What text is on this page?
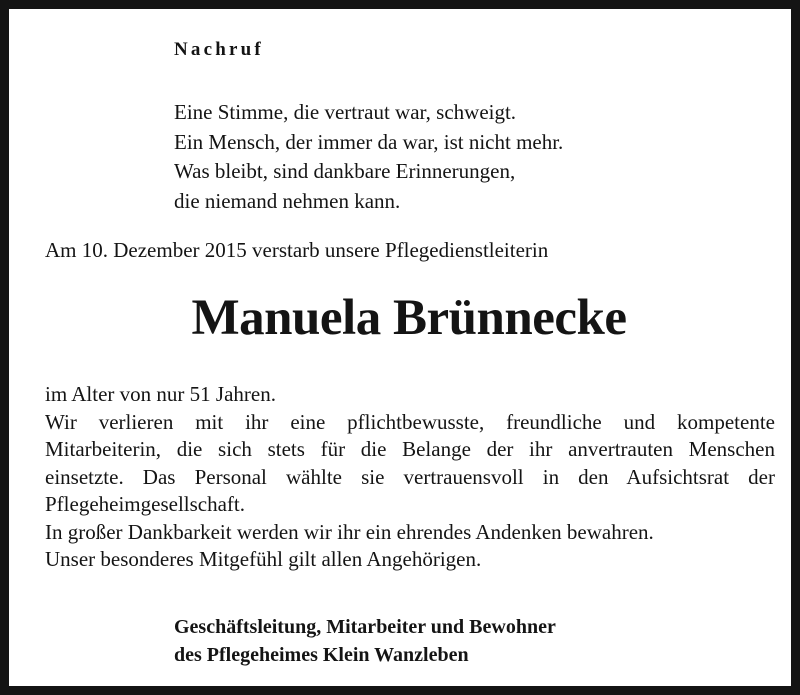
Nachruf
Eine Stimme, die vertraut war, schweigt.
Ein Mensch, der immer da war, ist nicht mehr.
Was bleibt, sind dankbare Erinnerungen,
die niemand nehmen kann.
Am 10. Dezember 2015 verstarb unsere Pflegedienstleiterin
Manuela Brünnecke
im Alter von nur 51 Jahren.
Wir verlieren mit ihr eine pflichtbewusste, freundliche und kompetente
Mitarbeiterin, die sich stets für die Belange der ihr anvertrauten Menschen
einsetzte. Das Personal wählte sie vertrauensvoll in den Aufsichtsrat der
Pflegeheimgesellschaft.
In großer Dankbarkeit werden wir ihr ein ehrendes Andenken bewahren.
Unser besonderes Mitgefühl gilt allen Angehörigen.
Geschäftsleitung, Mitarbeiter und Bewohner
des Pflegeheimes Klein Wanzleben
